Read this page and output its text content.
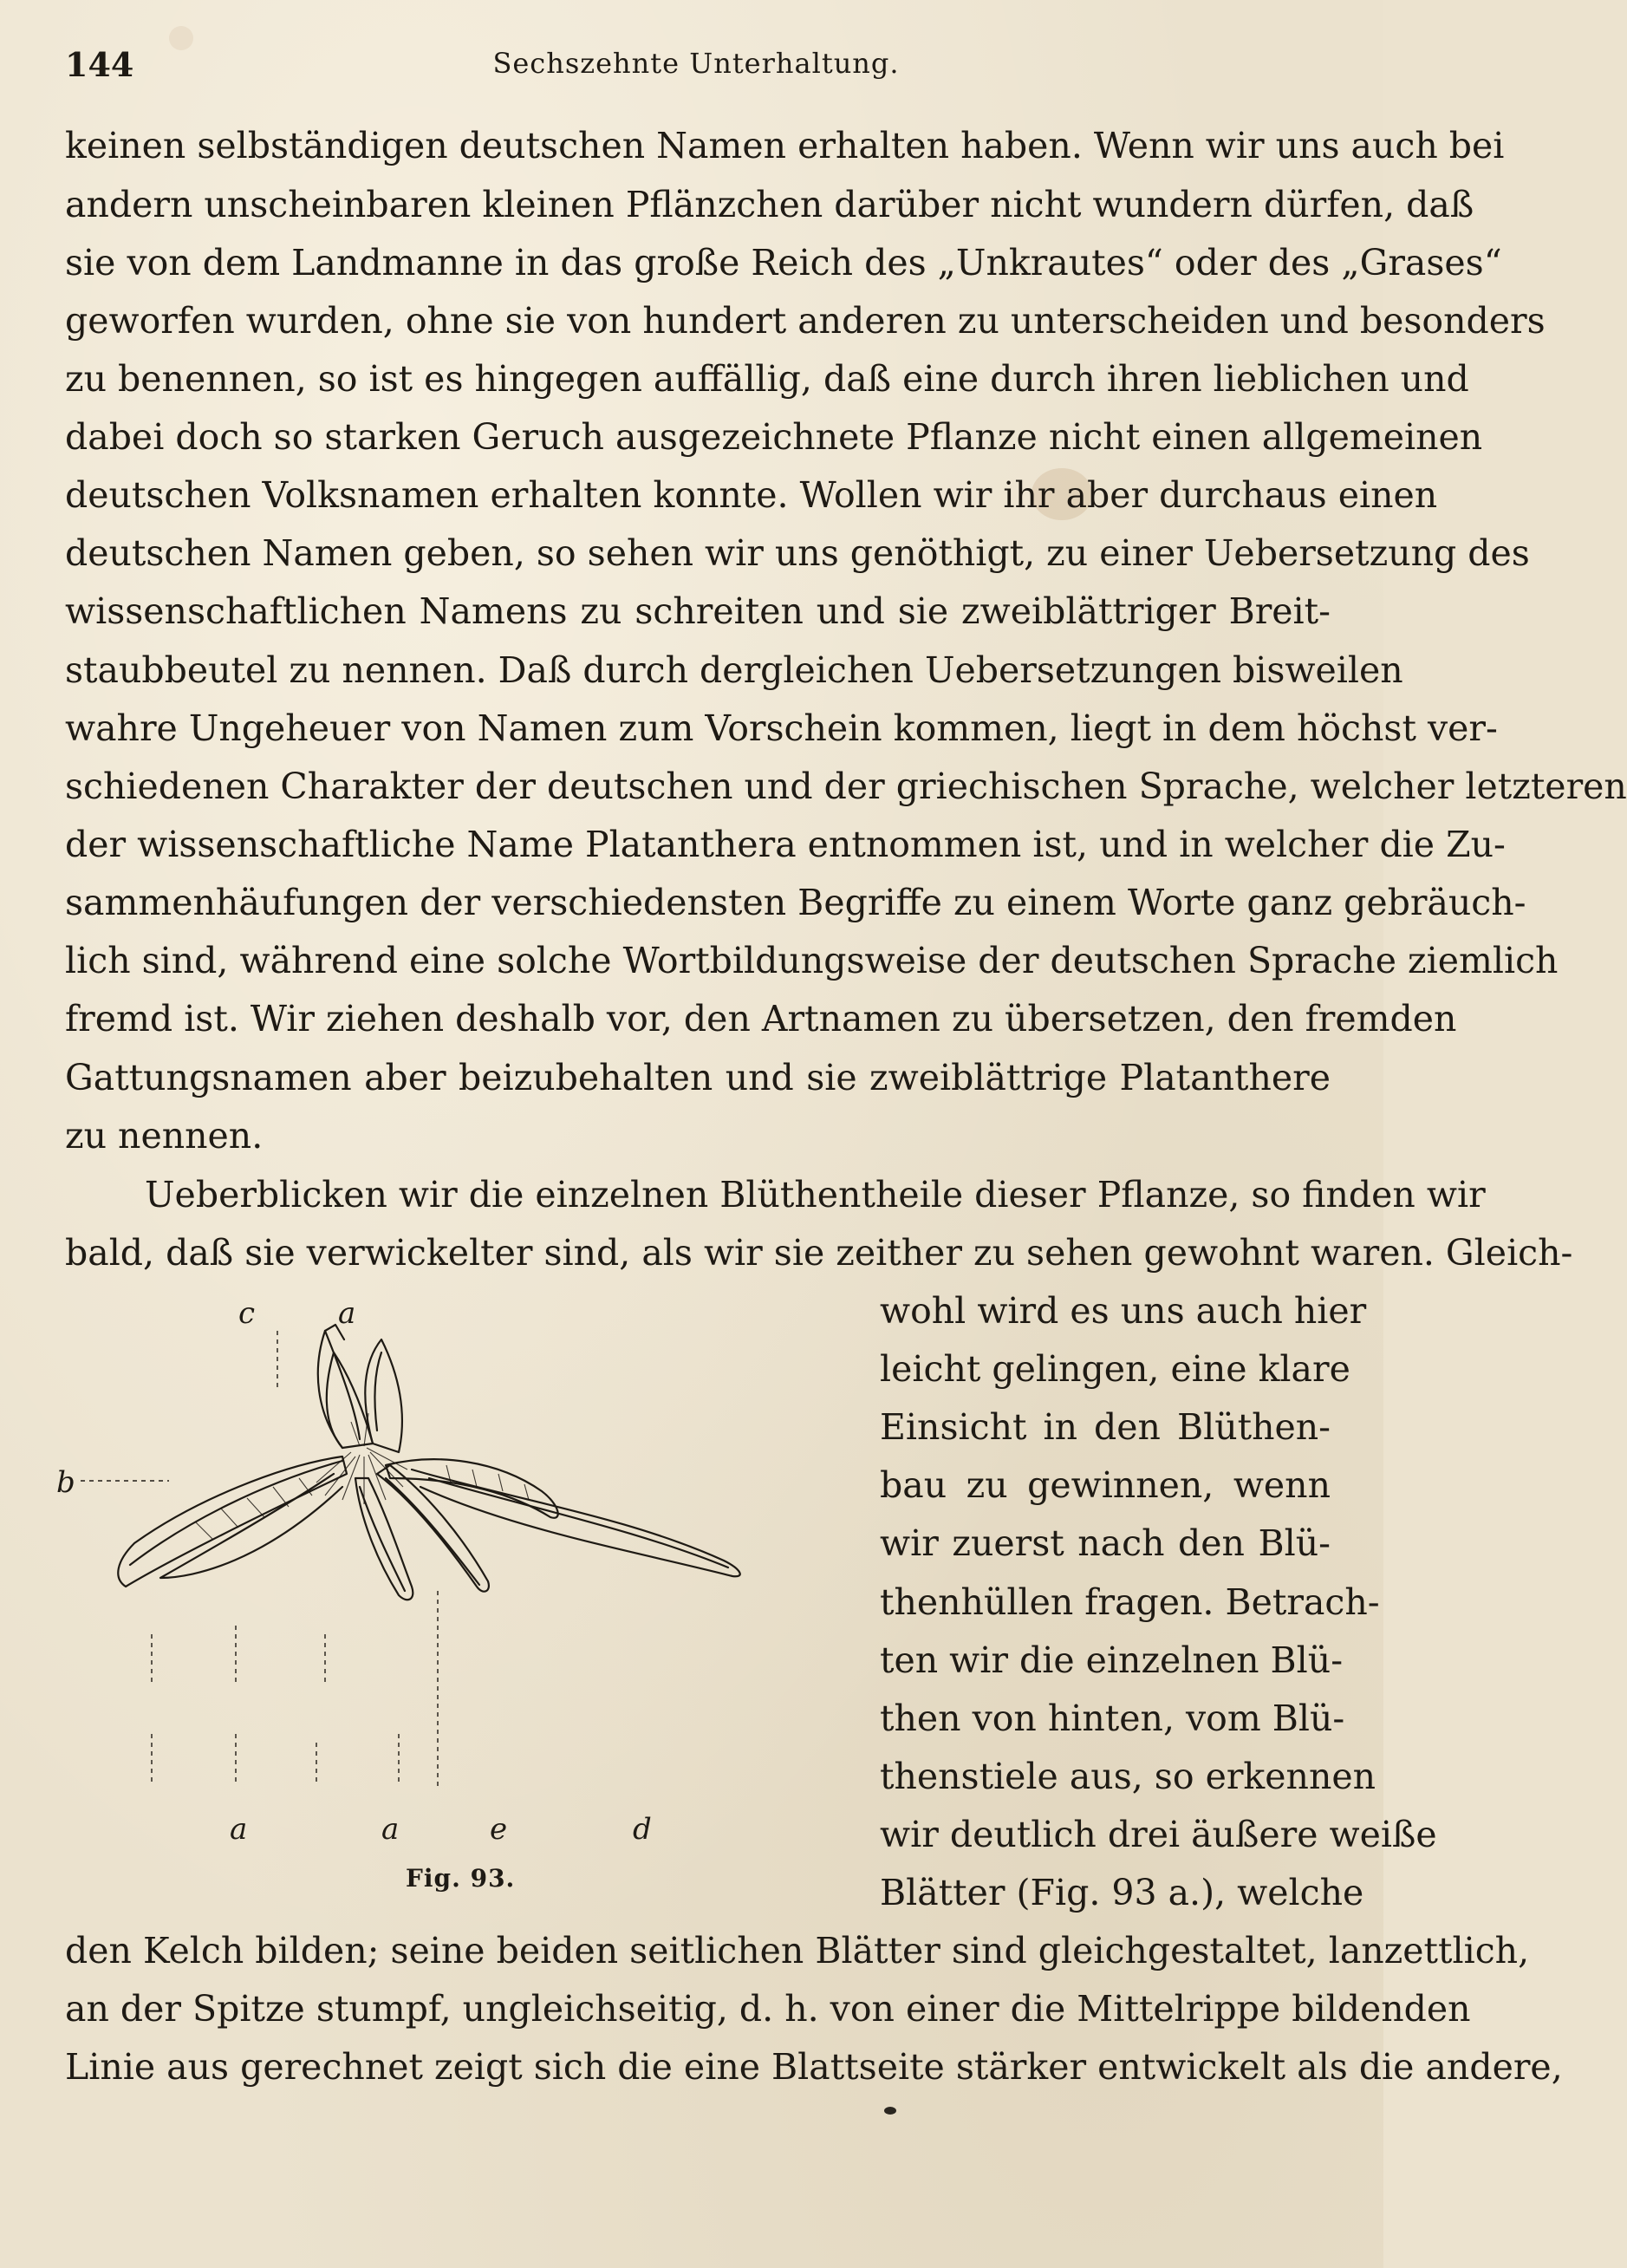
144	Sechszehnte Unterhaltung.
keinen selbständigen deutschen Namen erhalten haben. Wenn wir uns auch bei
andern unscheinbaren kleinen Pflänzchen darüber nicht wundern dürfen, daß
sie von dem Landmanne in das große Reich des „Unkrautes“ oder des „Grases“
geworfen wurden, ohne sie von hundert anderen zu unterscheiden und besonders
zu benennen, so ist es hingegen auffällig, daß eine durch ihren lieblichen und
dabei doch so starken Geruch ausgezeichnete Pflanze nicht einen allgemeinen
deutschen Volksnamen erhalten konnte. Wollen wir ihr aber durchaus einen
deutschen Namen geben, so sehen wir uns genöthigt, zu einer Uebersetzung des
wissenschaftlichen Namens zu schreiten und sie zweiblättriger Breit-
staubbeutel zu nennen. Daß durch dergleichen Uebersetzungen bisweilen
wahre Ungeheuer von Namen zum Vorschein kommen, liegt in dem höchst ver-
schiedenen Charakter der deutschen und der griechischen Sprache, welcher letzteren
der wissenschaftliche Name Platanthera entnommen ist, und in welcher die Zu-
sammenhäufungen der verschiedensten Begriffe zu einem Worte ganz gebräuch-
lich sind, während eine solche Wortbildungsweise der deutschen Sprache ziemlich
fremd ist. Wir ziehen deshalb vor, den Artnamen zu übersetzen, den fremden
Gattungsnamen aber beizubehalten und sie zweiblättrige Platanthere
zu nennen.
Ueberblicken wir die einzelnen Blüthentheile dieser Pflanze, so finden wir
bald, daß sie verwickelter sind, als wir sie zeither zu sehen gewohnt waren. Gleich-
wohl wird es uns auch hier
leicht gelingen, eine klare
Einsicht in den Blüthen-
bau zu gewinnen, wenn
wir zuerst nach den Blü-
thenhüllen fragen. Betrach-
ten wir die einzelnen Blü-
then von hinten, vom Blü-
thenstiele aus, so erkennen
wir deutlich drei äußere weiße
Blätter (Fig. 93 a.), welche
den Kelch bilden; seine beiden seitlichen Blätter sind gleichgestaltet, lanzettlich,
an der Spitze stumpf, ungleichseitig, d. h. von einer die Mittelrippe bildenden
Linie aus gerechnet zeigt sich die eine Blattseite stärker entwickelt als die andere,
c	a
b
a	a	e	d
Fig. 93.
